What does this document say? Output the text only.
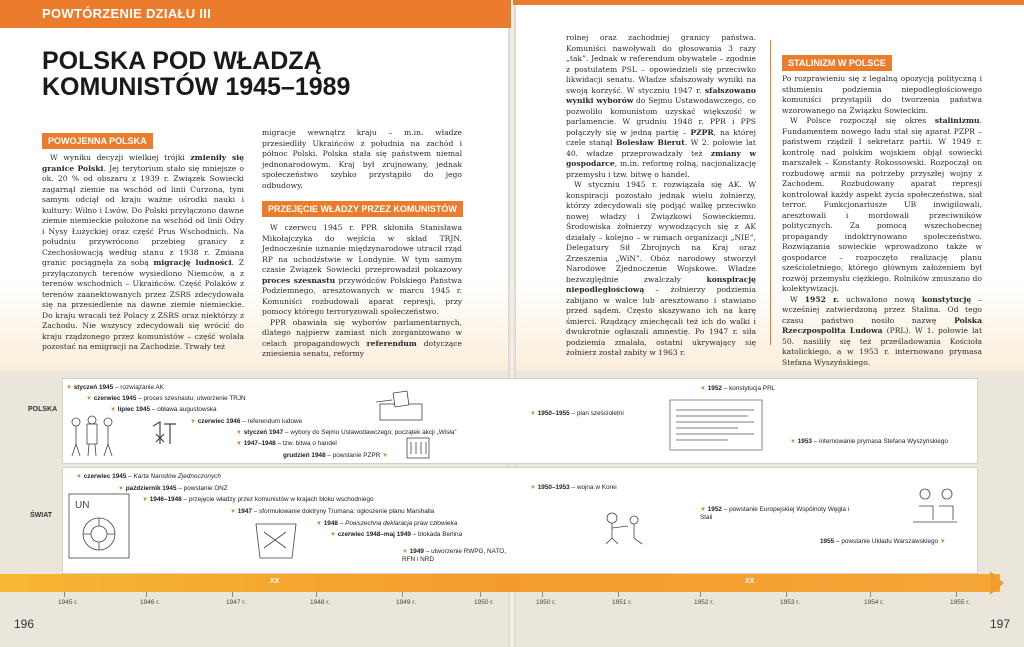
POWTÓRZENIE DZIAŁU III
POLSKA POD WŁADZĄ
KOMUNISTÓW 1945–1989
POWOJENNA POLSKA

W wyniku decyzji wielkiej trójki zmieniły się granice Polski. Jej terytorium stało się mniejsze o ok. 20 % od obszaru z 1939 r. Związek Sowiecki zagarnął ziemie na wschód od linii Curzona, tym samym odciął od kraju ważne ośrodki nauki i kultury: Wilno i Lwów. Do Polski przyłączono dawne ziemie niemieckie położone na wschód od linii Odry i Nysy Łużyckiej oraz część Prus Wschodnich. Na południu przywrócono przebieg granicy z Czechosłowacją według stanu z 1938 r. Zmiana granic pociągnęła za sobą migrację ludności. Z przyłączonych terenów wysiedlono Niemców, a z terenów wschodnich – Ukraińców. Część Polaków z terenów zaanektowanych przez ZSRS zdecydowała się na przesiedlenie na dawne ziemie niemieckie. Do kraju wracali też Polacy z ZSRS oraz niektórzy z Zachodu. Nie wszyscy zdecydowali się wrócić do kraju rządzonego przez komunistów – część wolała pozostać na emigracji na Zachodzie. Trwały też

migracje wewnątrz kraju – m.in. władze przesiedliły Ukraińców z południa na zachód i północ Polski. Polska stała się państwem niemal jednonarodowym. Kraj był zrujnowany, jednak społeczeństwo szybko przystąpiło do jego odbudowy.

PRZEJĘCIE WŁADZY PRZEZ KOMUNISTÓW

W czerwcu 1945 r. PPR skłoniła Stanisława Mikołajczyka do wejścia w skład TRJN. Jednocześnie uznanie międzynarodowe utracił rząd RP na uchodźstwie w Londynie. W tym samym czasie Związek Sowiecki przeprowadził pokazowy proces szesnastu przywódców Polskiego Państwa Podziemnego, aresztowanych w marcu 1945 r. Komuniści rozbudowali aparat represji, przy pomocy którego terroryzowali społeczeństwo.

PPR obawiała się wyborów parlamentarnych, dlatego najpierw zamiast nich zorganizowano w celach propagandowych referendum dotyczące zniesienia senatu, reformy

rolnej oraz zachodniej granicy państwa. Komuniści nawoływali do głosowania 3 razy „tak”. Jednak w referendum obywatele – zgodnie z postulatem PSL – opowiedzieli się przeciwko likwidacji senatu. Władze sfałszowały wyniki na swoją korzyść. W styczniu 1947 r. sfałszowano wyniki wyborów do Sejmu Ustawodawczego, co pozwoliło komunistom uzyskać większość w parlamencie. W grudniu 1948 r. PPR i PPS połączyły się w jedną partię – PZPR, na której czele stanął Bolesław Bierut. W 2. połowie lat 40. władze przeprowadzały też zmiany w gospodarce, m.in. reformę rolną, nacjonalizację przemysłu i tzw. bitwę o handel.

W styczniu 1945 r. rozwiązała się AK. W konspiracji pozostało jednak wielu żołnierzy, którzy zdecydowali się podjąć walkę przeciwko nowej władzy i Związkowi Sowieckiemu. Środowiska żołnierzy wywodzących się z AK działały – kolejno – w ramach organizacji „NIE”, Delegatury Sił Zbrojnych na Kraj oraz Zrzeszenia „WiN”. Obóz narodowy stworzył Narodowe Zjednoczenie Wojskowe. Władze bezwzględnie zwalczały konspirację niepodległościową – żołnierzy podziemia zabijano w walce lub aresztowano i stawiano przed sądem. Często skazywano ich na karę śmierci. Rządzący zniechęcali też ich do walki i dwukrotnie ogłaszali amnestię. Po 1947 r. siła podziemia zmalała, ostatni ukrywający się żołnierz został zabity w 1963 r.

STALINIZM W POLSCE

Po rozprawieniu się z legalną opozycją polityczną i stłumieniu podziemia niepodległościowego komuniści przystąpili do tworzenia państwa wzorowanego na Związku Sowieckim.

W Polsce rozpoczął się okres stalinizmu. Fundamentem nowego ładu stał się aparat PZPR – państwem rządził I sekretarz partii. W 1949 r. kontrolę nad polskim wojskiem objął sowiecki marszałek – Konstanty Rokossowski. Rozpoczął on rozbudowę armii na potrzeby przyszłej wojny z Zachodem. Rozbudowany aparat represji kontrolował każdy aspekt życia społeczeństwa, siał terror. Funkcjonariusze UB inwigilowali, aresztowali i mordowali przeciwników politycznych. Za pomocą wszechobecnej propagandy indoktrynowano społeczeństwo. Rozwiązania sowieckie wprowadzono także w gospodarce – rozpoczęto realizację planu sześcioletniego, którego głównym założeniem był rozwój przemysłu ciężkiego. Rolników zmuszano do kolektywizacji.

W 1952 r. uchwalono nową konstytucję – wcześniej zatwierdzoną przez Stalina. Od tego czasu państwo nosiło nazwę Polska Rzeczpospolita Ludowa (PRL). W 1. połowie lat 50. nasiliły się też prześladowania Kościoła katolickiego, a w 1953 r. internowano prymasa Stefana Wyszyńskiego.

POLSKA
ŚWIAT
▼ styczeń 1945 – rozwiązanie AK
▼ czerwiec 1945 – proces szesnastu; utworzenie TRJN
▼ lipiec 1945 – obława augustowska
▼ czerwiec 1946 – referendum ludowe
▼ styczeń 1947 – wybory do Sejmu Ustawodawczego; początek akcji „Wisła”
▼ 1947–1948 – tzw. bitwa o handel
grudzień 1948 – powstanie PZPR ▼
▼ 1950–1955 – plan sześcioletni
▼ 1952 – konstytucja PRL
▼ 1953 – internowanie prymasa Stefana Wyszyńskiego
▼ czerwiec 1945 – Karta Narodów Zjednoczonych
▼ październik 1945 – powstanie ONZ
▼ 1946–1948 – przejęcie władzy przez komunistów w krajach bloku wschodniego
▼ 1947 – sformułowanie doktryny Trumana; ogłoszenie planu Marshalla
▼ 1948 – Powszechna deklaracja praw człowieka
▼ czerwiec 1948–maj 1949 – blokada Berlina
▼ 1949 – utworzenie RWPG, NATO, RFN i NRD
▼ 1950–1953 – wojna w Korei
▼ 1952 – powstanie Europejskiej Wspólnoty Węgla i Stali
1955 – powstanie Układu Warszawskiego ▼
UN
XX	XX
1945 r.	1946 r.	1947 r.	1948 r.	1949 r.	1950 r.	1950 r.	1951 r.	1952 r.	1953 r.	1954 r.	1955 r.
196	197
